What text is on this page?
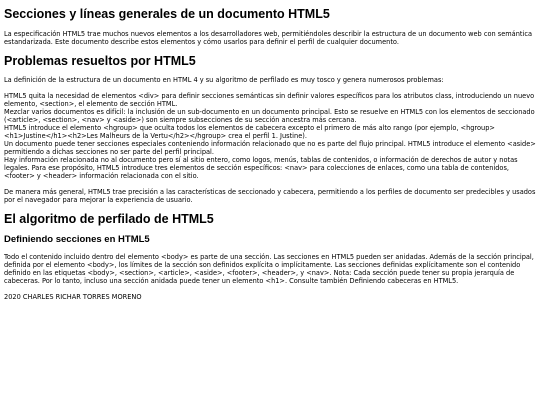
Secciones y líneas generales de un documento HTML5

La especificación HTML5 trae muchos nuevos elementos a los desarrolladores web, permitiéndoles describir la estructura de un documento web con semántica estandarizada. Este documento describe estos elementos y cómo usarlos para definir el perfil de cualquier documento.

Problemas resueltos por HTML5

La definición de la estructura de un documento en HTML 4 y su algoritmo de perfilado es muy tosco y genera numerosos problemas:

HTML5 quita la necesidad de elementos <div> para definir secciones semánticas sin definir valores específicos para los atributos class, introduciendo un nuevo elemento, <section>, el elemento de sección HTML.
Mezclar varios documentos es difícil: la inclusión de un sub-documento en un documento principal. Esto se resuelve en HTML5 con los elementos de seccionado (<article>, <section>, <nav> y <aside>) son siempre subsecciones de su sección ancestra más cercana.
HTML5 introduce el elemento <hgroup> que oculta todos los elementos de cabecera excepto el primero de más alto rango (por ejemplo, <hgroup> <h1>Justine</h1><h2>Les Malheurs de la Vertu</h2></hgroup> crea el perfil 1. Justine).
Un documento puede tener secciones especiales conteniendo información relacionado que no es parte del flujo principal. HTML5 introduce el elemento <aside> permitiendo a dichas secciones no ser parte del perfil principal.
Hay información relacionada no al documento pero sí al sitio entero, como logos, menús, tablas de contenidos, o información de derechos de autor y notas legales. Para ese propósito, HTML5 introduce tres elementos de sección específicos: <nav> para colecciones de enlaces, como una tabla de contenidos, <footer> y <header> información relacionada con el sitio.

De manera más general, HTML5 trae precisión a las características de seccionado y cabecera, permitiendo a los perfiles de documento ser predecibles y usados por el navegador para mejorar la experiencia de usuario.

El algoritmo de perfilado de HTML5
Definiendo secciones en HTML5

Todo el contenido incluido dentro del elemento <body> es parte de una sección. Las secciones en HTML5 pueden ser anidadas. Además de la sección principal, definida por el elemento <body>, los límites de la sección son definidos explícita o implícitamente. Las secciones definidas explícitamente son el contenido definido en las etiquetas <body>, <section>, <article>, <aside>, <footer>, <header>, y <nav>. Nota: Cada sección puede tener su propia jerarquía de cabeceras. Por lo tanto, incluso una sección anidada puede tener un elemento <h1>. Consulte también Definiendo cabeceras en HTML5.

2020 CHARLES RICHAR TORRES MORENO
